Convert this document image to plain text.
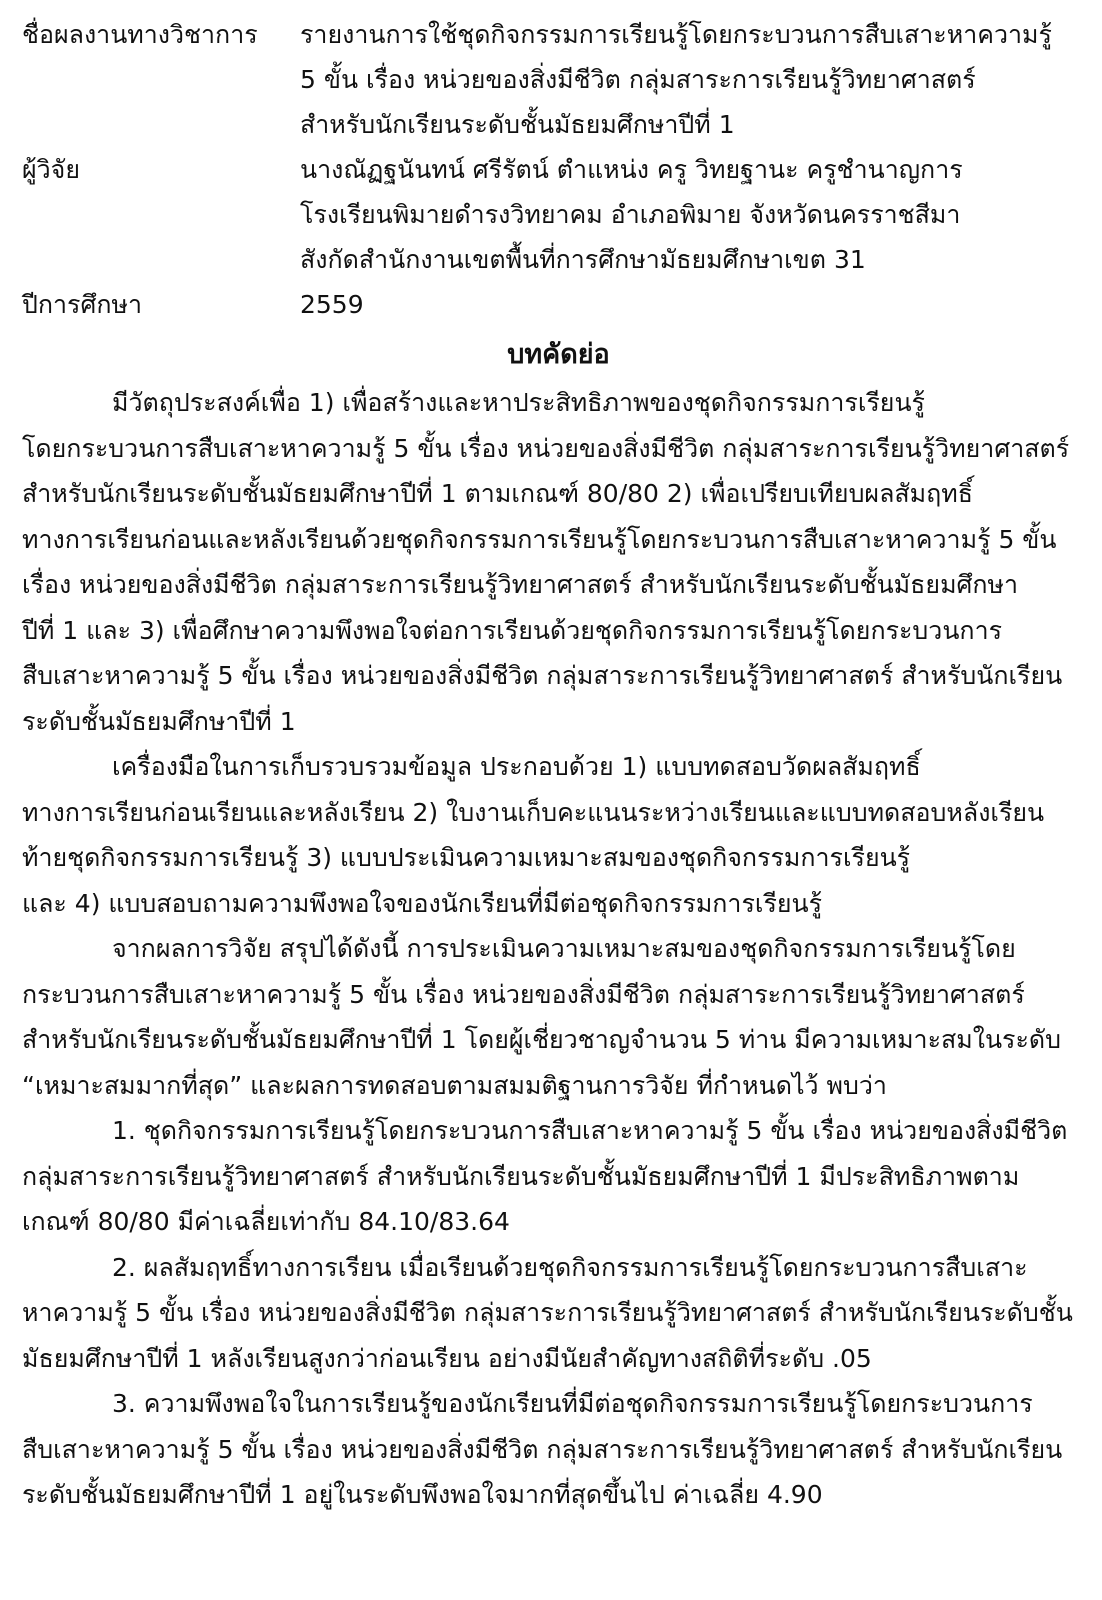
ชื่อผลงานทางวิชาการ	รายงานการใช้ชุดกิจกรรมการเรียนรู้โดยกระบวนการสืบเสาะหาความรู้
5 ขั้น เรื่อง หน่วยของสิ่งมีชีวิต กลุ่มสาระการเรียนรู้วิทยาศาสตร์
สำหรับนักเรียนระดับชั้นมัธยมศึกษาปีที่ 1
ผู้วิจัย	นางณัฏฐนันทน์ ศรีรัตน์ ตำแหน่ง ครู วิทยฐานะ ครูชำนาญการ
โรงเรียนพิมายดำรงวิทยาคม อำเภอพิมาย จังหวัดนครราชสีมา
สังกัดสำนักงานเขตพื้นที่การศึกษามัธยมศึกษาเขต 31
ปีการศึกษา	2559
บทคัดย่อ
มีวัตถุประสงค์เพื่อ 1) เพื่อสร้างและหาประสิทธิภาพของชุดกิจกรรมการเรียนรู้
โดยกระบวนการสืบเสาะหาความรู้ 5 ขั้น เรื่อง หน่วยของสิ่งมีชีวิต กลุ่มสาระการเรียนรู้วิทยาศาสตร์
สำหรับนักเรียนระดับชั้นมัธยมศึกษาปีที่ 1 ตามเกณฑ์ 80/80 2) เพื่อเปรียบเทียบผลสัมฤทธิ์
ทางการเรียนก่อนและหลังเรียนด้วยชุดกิจกรรมการเรียนรู้โดยกระบวนการสืบเสาะหาความรู้ 5 ขั้น
เรื่อง หน่วยของสิ่งมีชีวิต กลุ่มสาระการเรียนรู้วิทยาศาสตร์ สำหรับนักเรียนระดับชั้นมัธยมศึกษา
ปีที่ 1 และ 3) เพื่อศึกษาความพึงพอใจต่อการเรียนด้วยชุดกิจกรรมการเรียนรู้โดยกระบวนการ
สืบเสาะหาความรู้ 5 ขั้น เรื่อง หน่วยของสิ่งมีชีวิต กลุ่มสาระการเรียนรู้วิทยาศาสตร์ สำหรับนักเรียน
ระดับชั้นมัธยมศึกษาปีที่ 1
เครื่องมือในการเก็บรวบรวมข้อมูล ประกอบด้วย 1) แบบทดสอบวัดผลสัมฤทธิ์
ทางการเรียนก่อนเรียนและหลังเรียน 2) ใบงานเก็บคะแนนระหว่างเรียนและแบบทดสอบหลังเรียน
ท้ายชุดกิจกรรมการเรียนรู้ 3) แบบประเมินความเหมาะสมของชุดกิจกรรมการเรียนรู้
และ 4) แบบสอบถามความพึงพอใจของนักเรียนที่มีต่อชุดกิจกรรมการเรียนรู้
จากผลการวิจัย สรุปได้ดังนี้ การประเมินความเหมาะสมของชุดกิจกรรมการเรียนรู้โดย
กระบวนการสืบเสาะหาความรู้ 5 ขั้น เรื่อง หน่วยของสิ่งมีชีวิต กลุ่มสาระการเรียนรู้วิทยาศาสตร์
สำหรับนักเรียนระดับชั้นมัธยมศึกษาปีที่ 1 โดยผู้เชี่ยวชาญจำนวน 5 ท่าน มีความเหมาะสมในระดับ
“เหมาะสมมากที่สุด” และผลการทดสอบตามสมมติฐานการวิจัย ที่กำหนดไว้ พบว่า
1. ชุดกิจกรรมการเรียนรู้โดยกระบวนการสืบเสาะหาความรู้ 5 ขั้น เรื่อง หน่วยของสิ่งมีชีวิต
กลุ่มสาระการเรียนรู้วิทยาศาสตร์ สำหรับนักเรียนระดับชั้นมัธยมศึกษาปีที่ 1 มีประสิทธิภาพตาม
เกณฑ์ 80/80 มีค่าเฉลี่ยเท่ากับ 84.10/83.64
2. ผลสัมฤทธิ์ทางการเรียน เมื่อเรียนด้วยชุดกิจกรรมการเรียนรู้โดยกระบวนการสืบเสาะ
หาความรู้ 5 ขั้น เรื่อง หน่วยของสิ่งมีชีวิต กลุ่มสาระการเรียนรู้วิทยาศาสตร์ สำหรับนักเรียนระดับชั้น
มัธยมศึกษาปีที่ 1 หลังเรียนสูงกว่าก่อนเรียน อย่างมีนัยสำคัญทางสถิติที่ระดับ .05
3. ความพึงพอใจในการเรียนรู้ของนักเรียนที่มีต่อชุดกิจกรรมการเรียนรู้โดยกระบวนการ
สืบเสาะหาความรู้ 5 ขั้น เรื่อง หน่วยของสิ่งมีชีวิต กลุ่มสาระการเรียนรู้วิทยาศาสตร์ สำหรับนักเรียน
ระดับชั้นมัธยมศึกษาปีที่ 1 อยู่ในระดับพึงพอใจมากที่สุดขึ้นไป ค่าเฉลี่ย 4.90
